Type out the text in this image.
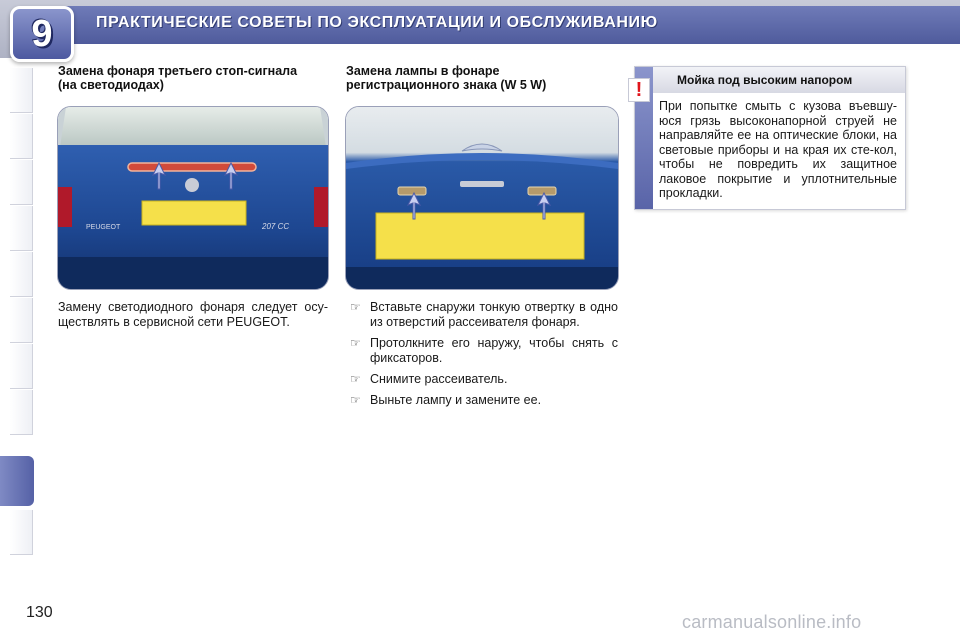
ПРАКТИЧЕСКИЕ СОВЕТЫ ПО ЭКСПЛУАТАЦИИ И ОБСЛУЖИВАНИЮ
9
Замена фонаря третьего стоп-сигнала
(на светодиодах)
PEUGEOT	207 CC
Замену светодиодного фонаря следует осу-ществлять в сервисной сети PEUGEOT.
Замена лампы в фонаре
регистрационного знака (W 5 W)
☞ Вставьте снаружи тонкую отвертку в одно из отверстий рассеивателя фонаря.
☞ Протолкните его наружу, чтобы снять с фиксаторов.
☞ Снимите рассеиватель.
☞ Выньте лампу и замените ее.
Мойка под высоким напором
При попытке смыть с кузова въевшу-юся грязь высоконапорной струей не направляйте ее на оптические блоки, на световые приборы и на края их сте-кол, чтобы не повредить их защитное лаковое покрытие и уплотнительные прокладки.
!
130	carmanualsonline.info
